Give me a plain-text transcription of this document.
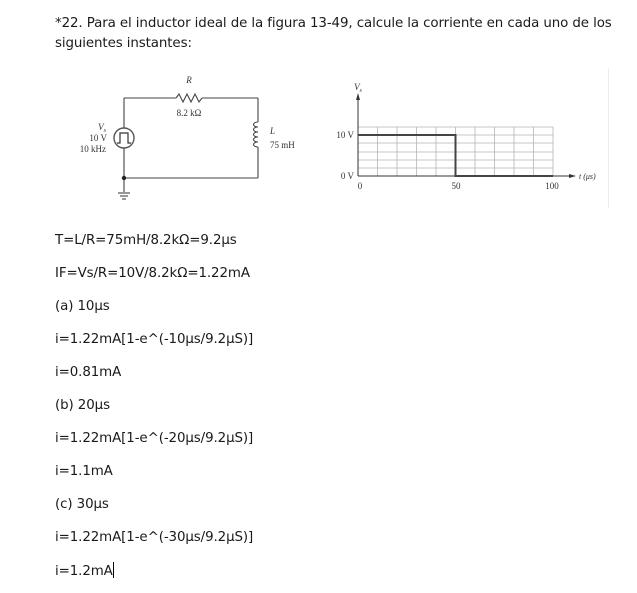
*22. Para el inductor ideal de la figura 13-49, calcule la corriente en cada uno de los siguientes instantes:
R
8.2 kΩ
$V_s$
10 V
10 kHz
L
75 mH
$V_s$
10 V
0 V
0	50	100
t (μs)
T=L/R=75mH/8.2kΩ=9.2μs
IF=Vs/R=10V/8.2kΩ=1.22mA
(a) 10μs
i=1.22mA[1-e^(-10μs/9.2μS)]
i=0.81mA
(b) 20μs
i=1.22mA[1-e^(-20μs/9.2μS)]
i=1.1mA
(c) 30μs
i=1.22mA[1-e^(-30μs/9.2μS)]
i=1.2mA
